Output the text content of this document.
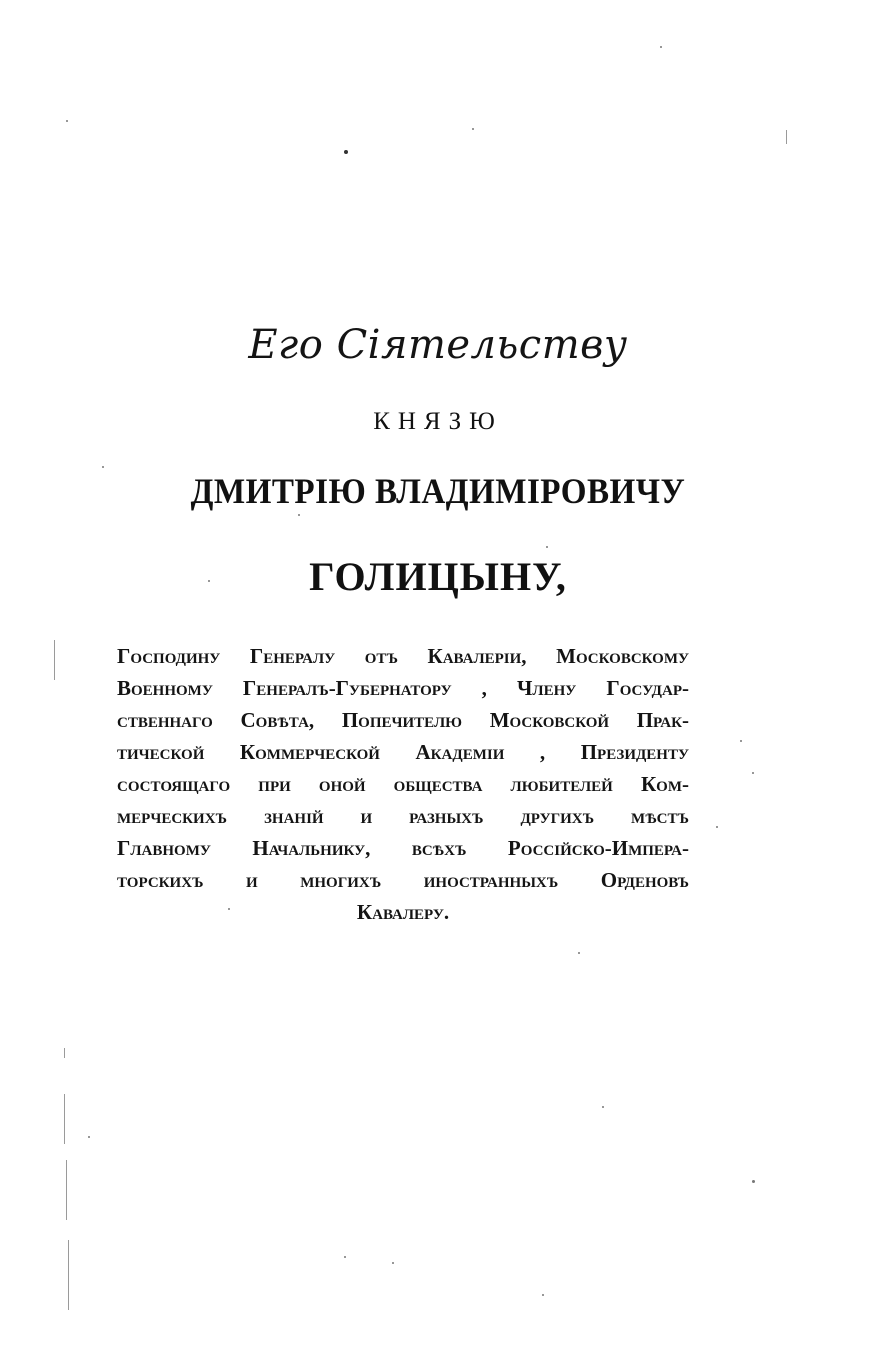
Его Сіятельству
КНЯЗЮ
ДМИТРІЮ ВЛАДИМІРОВИЧУ
ГОЛИЦЫНУ,
Господину Генералу отъ Кавалеріи, Московскому
Военному Генералъ-Губернатору , Члену Государ-
ственнаго Совѣта, Попечителю Московской Прак-
тической Коммерческой Академіи , Президенту
состоящаго при оной общества любителей Ком-
мерческихъ знаній и разныхъ другихъ мѣстъ
Главному Начальнику, всѣхъ Россійско-Импера-
торскихъ и многихъ иностранныхъ Орденовъ
Кавалеру.
